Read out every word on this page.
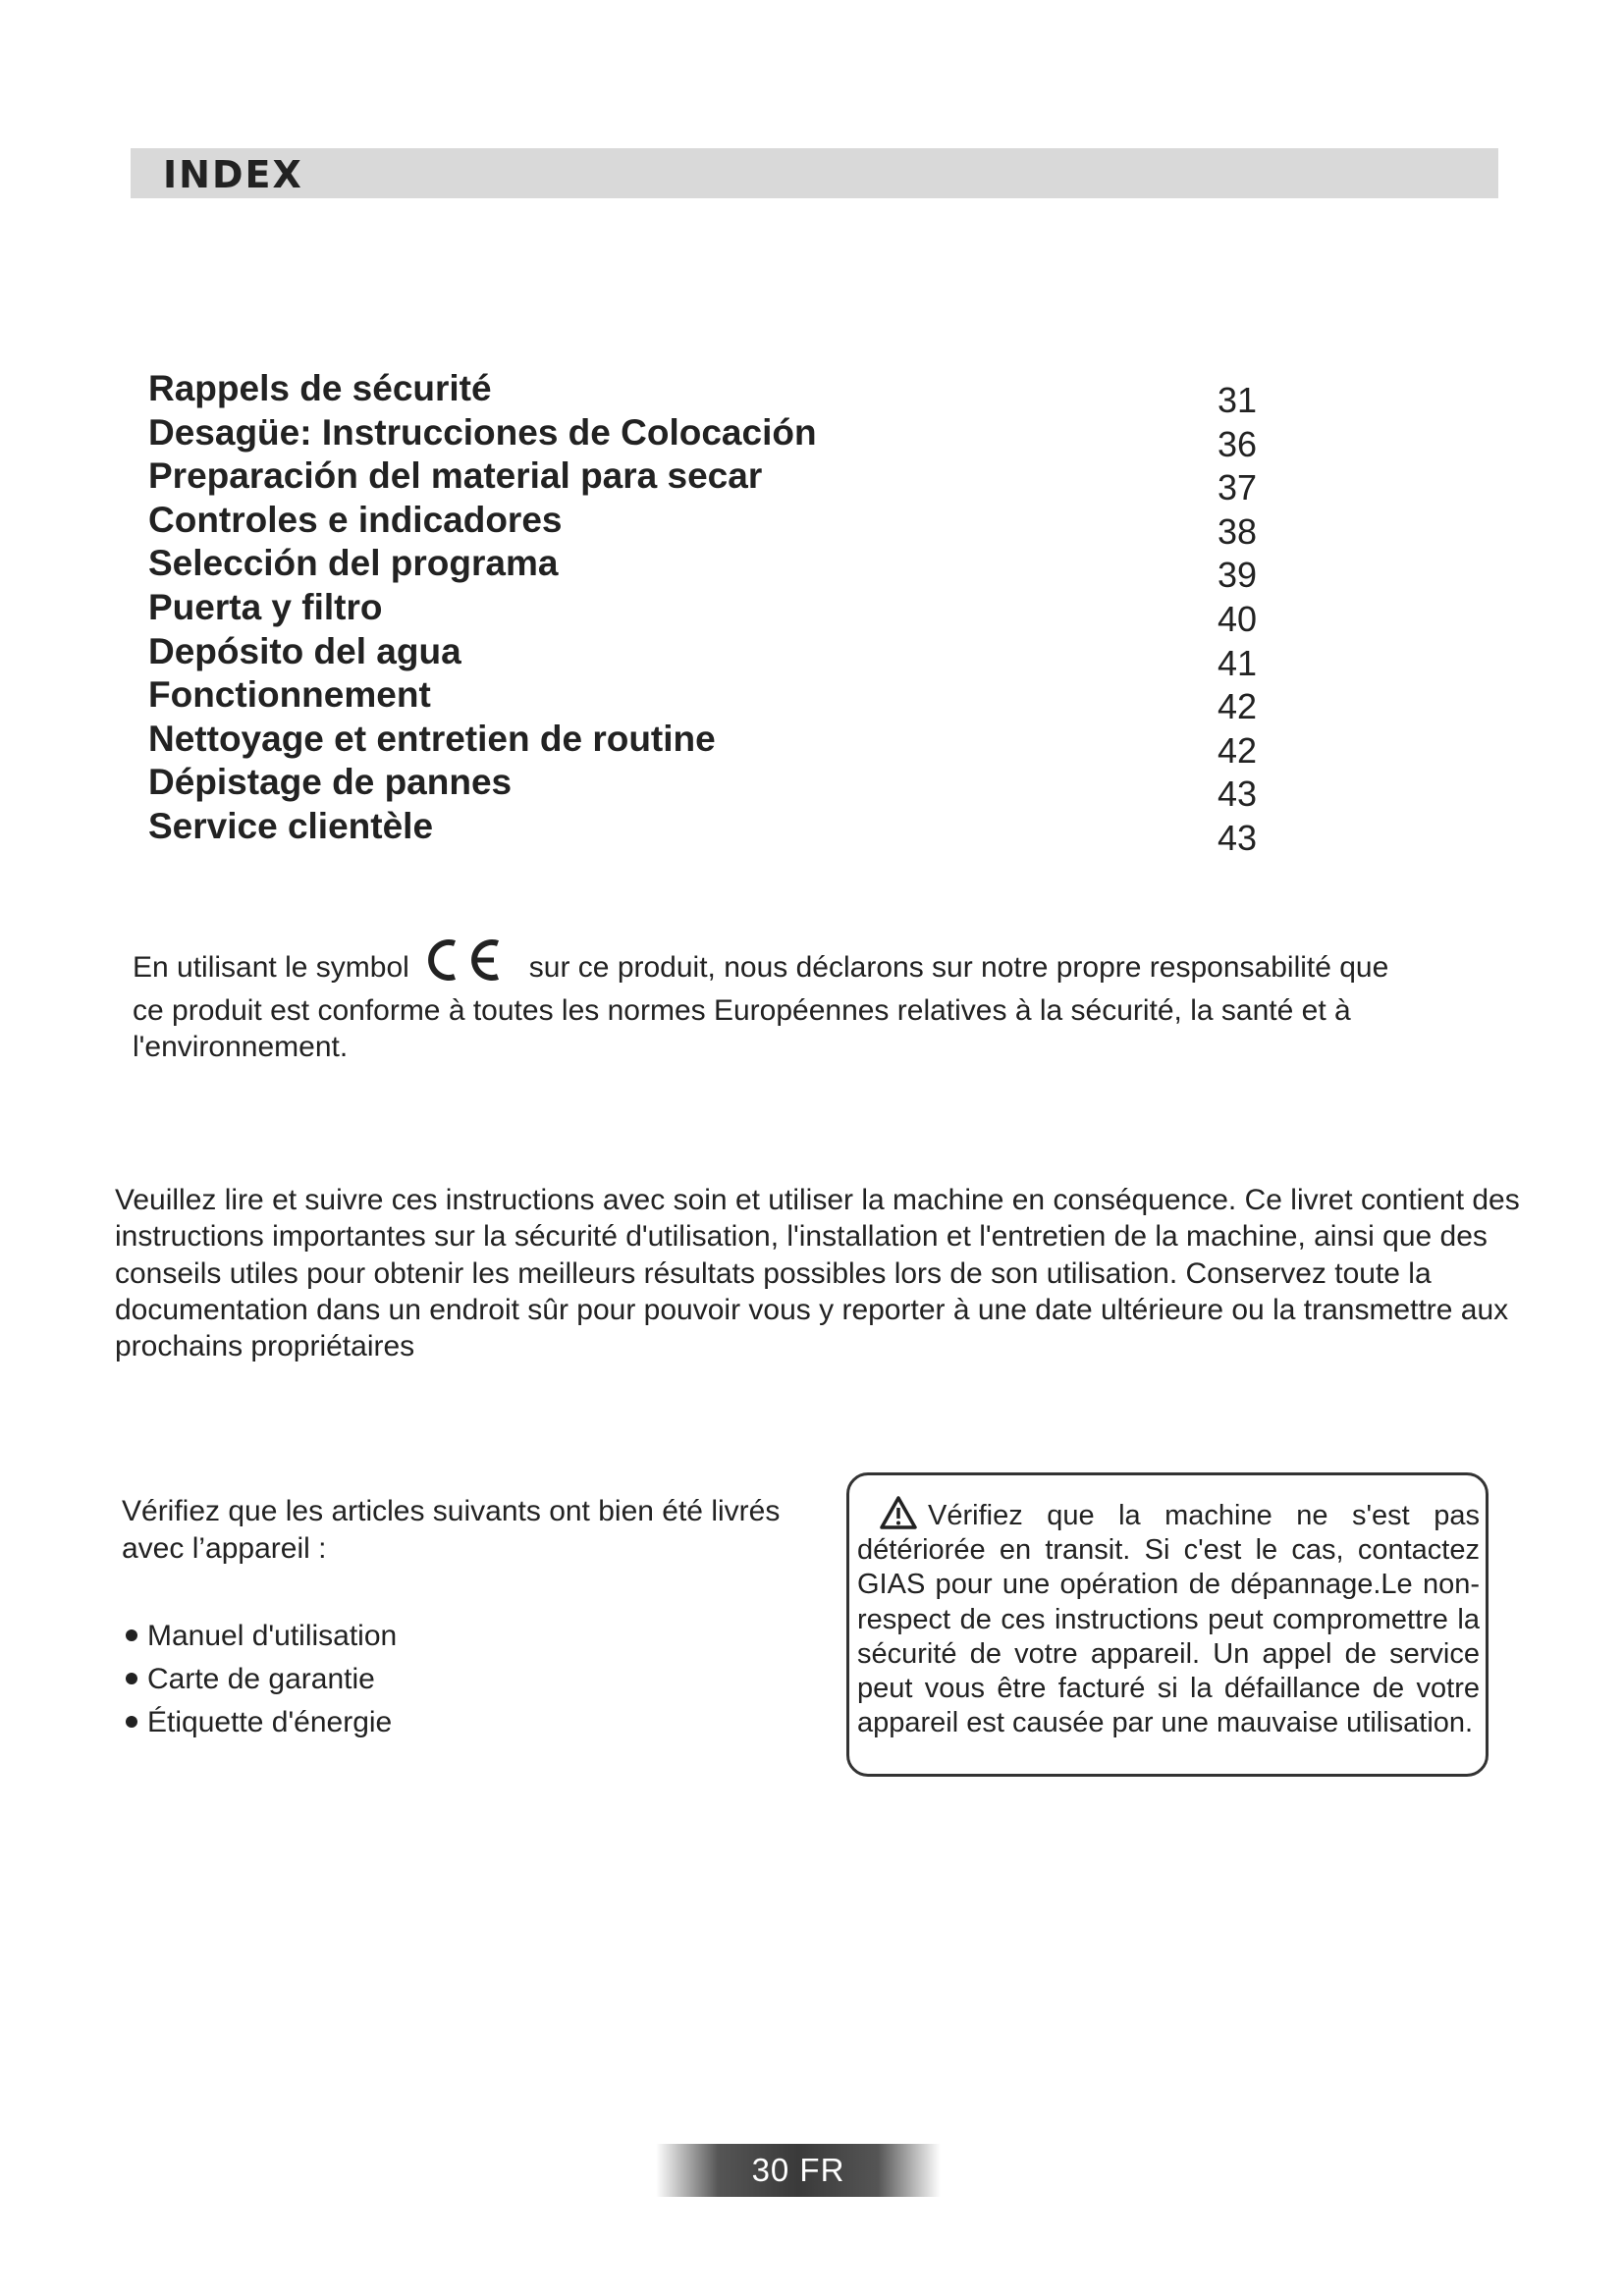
INDEX
Rappels de sécurité	31
Desagüe: Instrucciones de Colocación	36
Preparación del material para secar	37
Controles e indicadores	38
Selección del programa	39
Puerta y filtro	40
Depósito del agua	41
Fonctionnement	42
Nettoyage et entretien de routine	42
Dépistage de pannes	43
Service clientèle	43
En utilisant le symbol	sur ce produit, nous déclarons sur notre propre responsabilité que
ce produit est conforme à toutes les normes Européennes relatives à la sécurité, la santé et à l'environnement.
Veuillez lire et suivre ces instructions avec soin et utiliser la machine en conséquence. Ce livret contient des instructions importantes sur la sécurité d'utilisation, l'installation et l'entretien de la machine, ainsi que des conseils utiles pour obtenir les meilleurs résultats possibles lors de son utilisation. Conservez toute la documentation dans un endroit sûr pour pouvoir vous y reporter à une date ultérieure ou la transmettre aux prochains propriétaires
Vérifiez que les articles suivants ont bien été livrés avec l’appareil :
Manuel d'utilisation
Carte de garantie
Étiquette d'énergie
Vérifiez que la machine ne s'est pas détériorée en transit. Si c'est le cas, contactez GIAS pour une opération de dépannage.Le non-respect de ces instructions peut compromettre la sécurité de votre appareil. Un appel de service peut vous être facturé si la défaillance de votre appareil est causée par une mauvaise utilisation.
30 FR
